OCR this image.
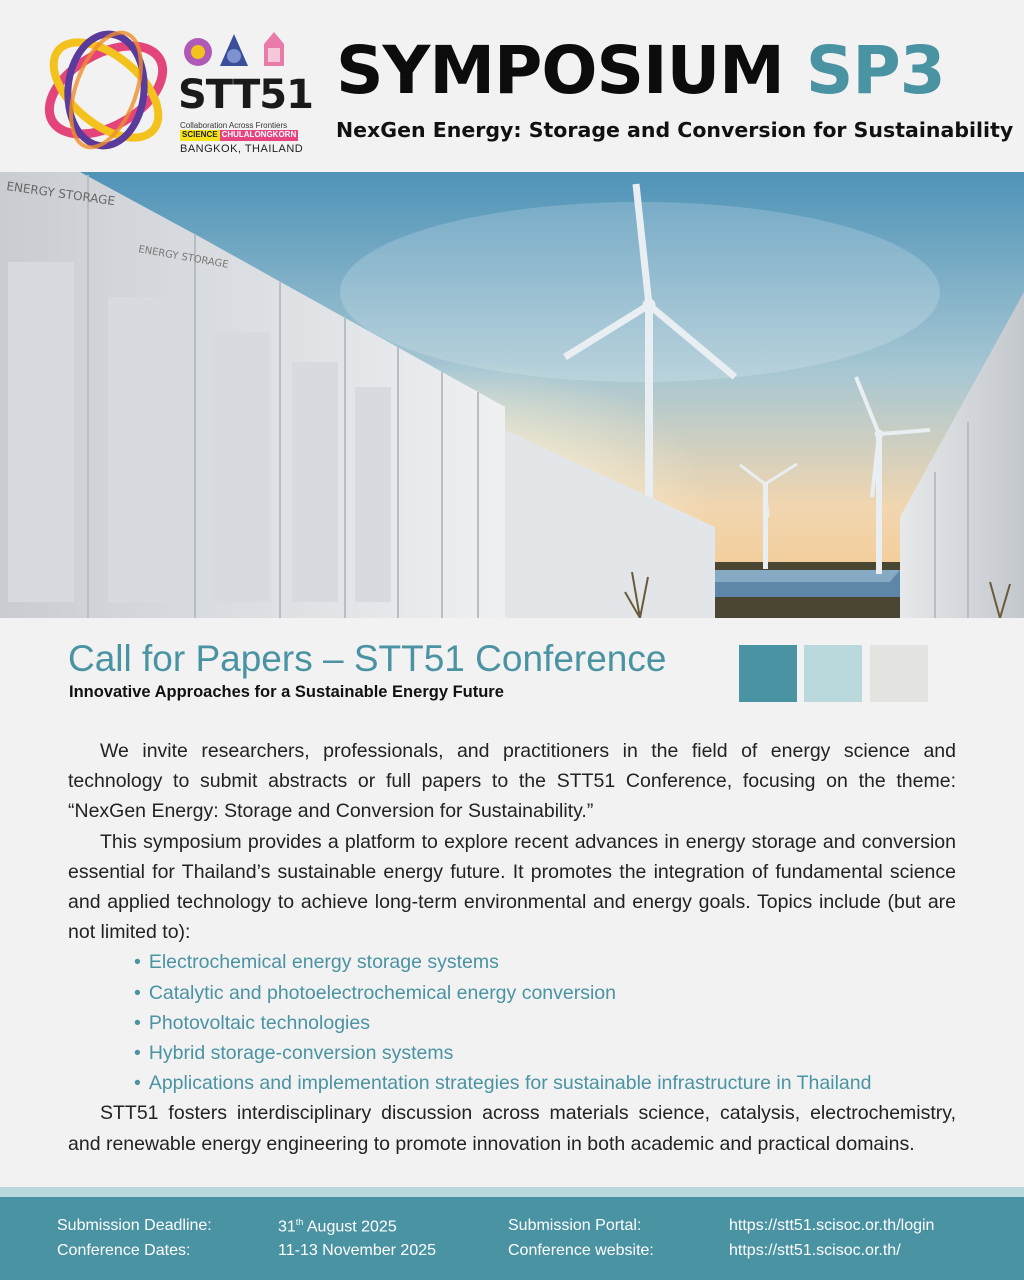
STT51
Collaboration Across Frontiers
SCIENCE CHULALONGKORN
BANGKOK, THAILAND
SYMPOSIUM SP3
NexGen Energy: Storage and Conversion for Sustainability
ENERGY STORAGE
ENERGY STORAGE
Call for Papers – STT51 Conference
Innovative Approaches for a Sustainable Energy Future

We invite researchers, professionals, and practitioners in the field of energy science and technology to submit abstracts or full papers to the STT51 Conference, focusing on the theme: “NexGen Energy: Storage and Conversion for Sustainability.”

This symposium provides a platform to explore recent advances in energy storage and conversion essential for Thailand’s sustainable energy future. It promotes the integration of fundamental science and applied technology to achieve long-term environmental and energy goals. Topics include (but are not limited to):

• Electrochemical energy storage systems
• Catalytic and photoelectrochemical energy conversion
• Photovoltaic technologies
• Hybrid storage-conversion systems
• Applications and implementation strategies for sustainable infrastructure in Thailand

STT51 fosters interdisciplinary discussion across materials science, catalysis, electrochemistry, and renewable energy engineering to promote innovation in both academic and practical domains.

Submission Deadline:	31th August 2025
Conference Dates:	11-13 November 2025
Submission Portal:	https://stt51.scisoc.or.th/login
Conference website:	https://stt51.scisoc.or.th/
